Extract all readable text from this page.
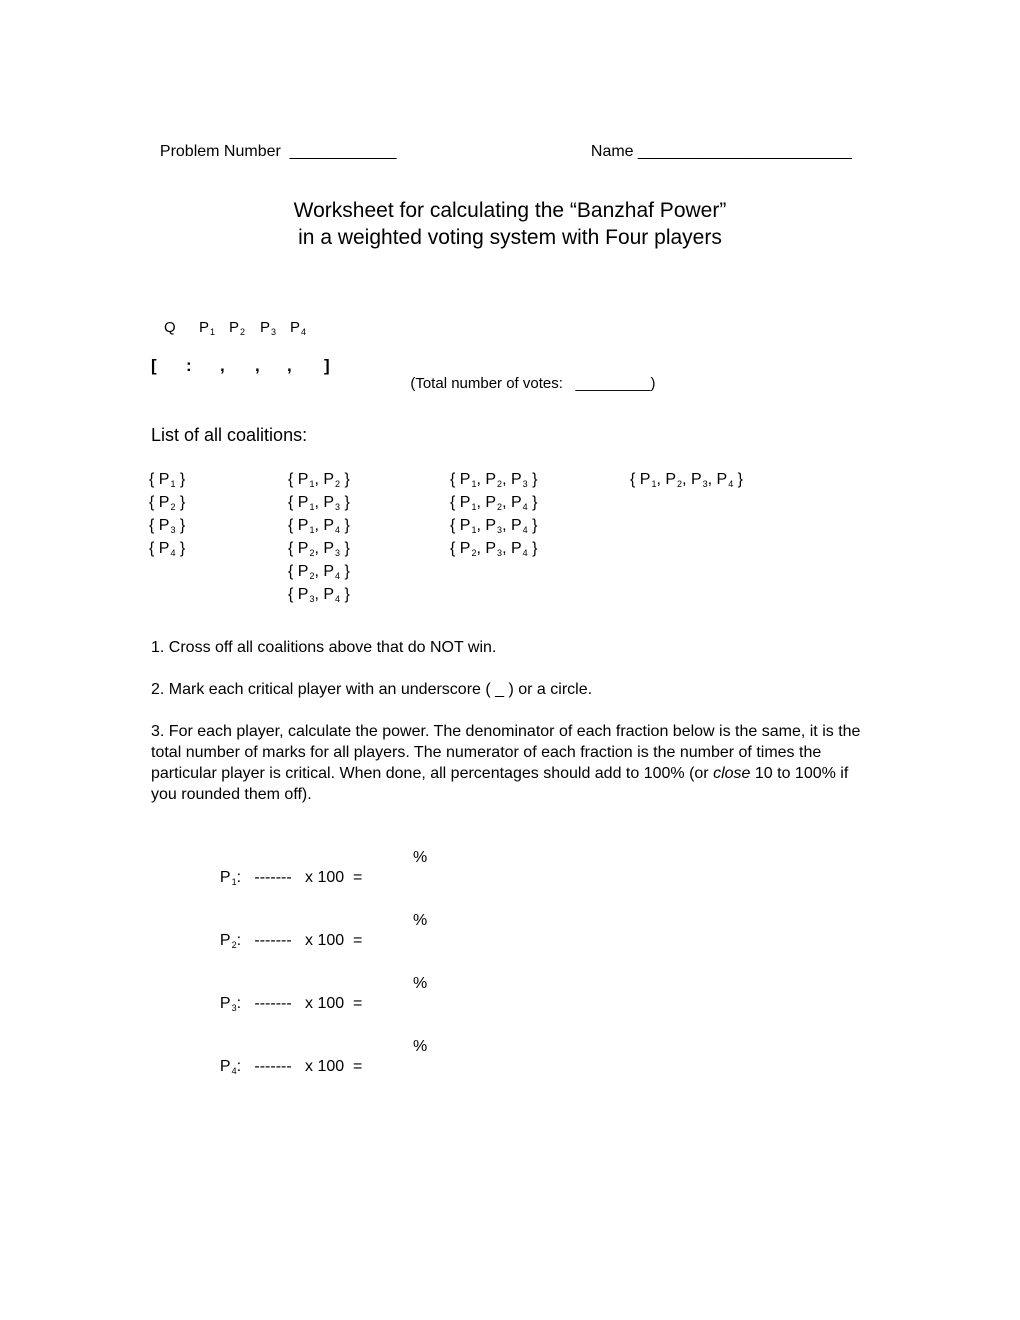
Problem Number ____________	Name ________________________

Worksheet for calculating the “Banzhaf Power”
in a weighted voting system with Four players
Q $P_1$ $P_2$ $P_3$ $P_4$
[ : , , , ]

(Total number of votes: _________)

List of all coalitions:
{ P1 }
{ P2 }
{ P3 }
{ P4 }
{ P1, P2 }
{ P1, P3 }
{ P1, P4 }
{ P2, P3 }
{ P2, P4 }
{ P3, P4 }
{ P1, P2, P3 }
{ P1, P2, P4 }
{ P1, P3, P4 }
{ P2, P3, P4 }
{ P1, P2, P3, P4 }
1. Cross off all coalitions above that do NOT win.
2. Mark each critical player with an underscore ( _ ) or a circle.
3. For each player, calculate the power. The denominator of each fraction below is the same, it is the total number of marks for all players. The numerator of each fraction is the number of times the particular player is critical. When done, all percentages should add to 100% (or close 10 to 100% if you rounded them off).

P1: ------- x 100  =

%

P2: ------- x 100  =

%

P3: ------- x 100  =

%

P4: ------- x 100  =

%
